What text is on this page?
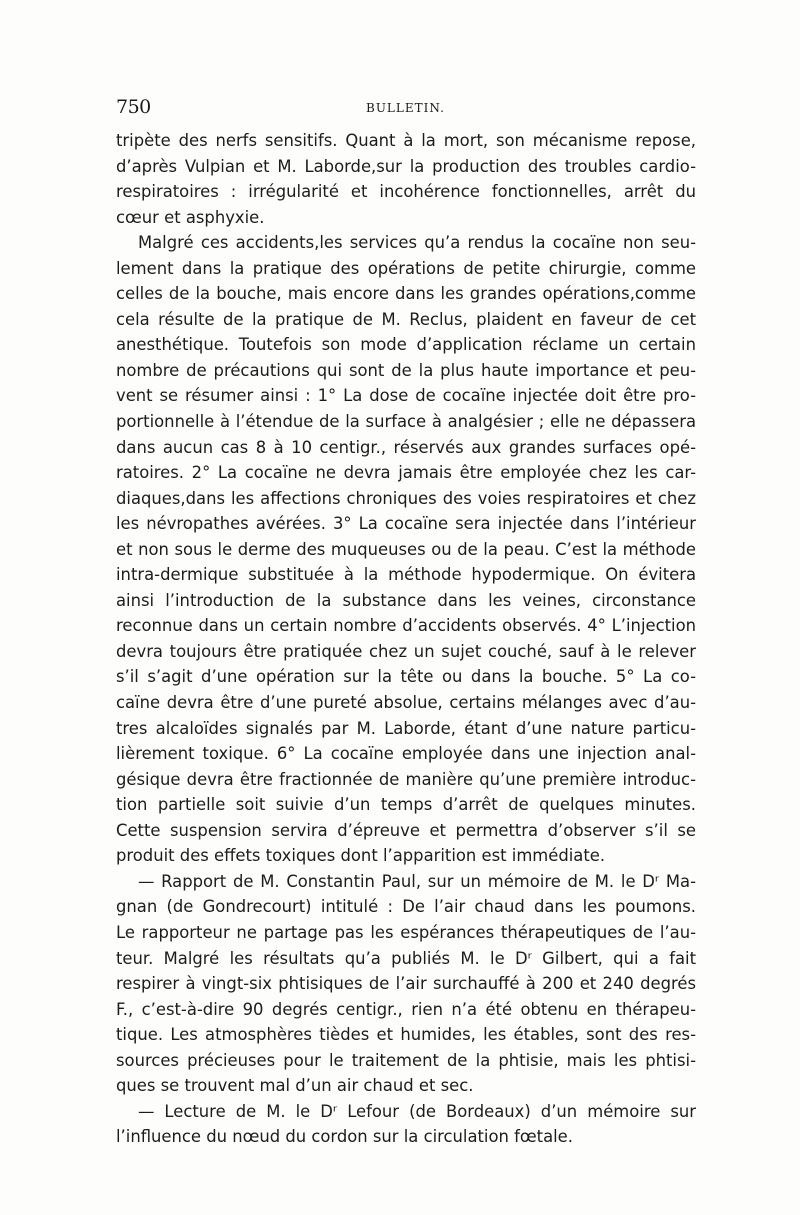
750	BULLETIN.
tripète des nerfs sensitifs. Quant à la mort, son mécanisme repose,
d’après Vulpian et M. Laborde,sur la production des troubles cardio-
respiratoires : irrégularité et incohérence fonctionnelles, arrêt du
cœur et asphyxie.
Malgré ces accidents,les services qu’a rendus la cocaïne non seu-
lement dans la pratique des opérations de petite chirurgie, comme
celles de la bouche, mais encore dans les grandes opérations,comme
cela résulte de la pratique de M. Reclus, plaident en faveur de cet
anesthétique. Toutefois son mode d’application réclame un certain
nombre de précautions qui sont de la plus haute importance et peu-
vent se résumer ainsi : 1° La dose de cocaïne injectée doit être pro-
portionnelle à l’étendue de la surface à analgésier ; elle ne dépassera
dans aucun cas 8 à 10 centigr., réservés aux grandes surfaces opé-
ratoires. 2° La cocaïne ne devra jamais être employée chez les car-
diaques,dans les affections chroniques des voies respiratoires et chez
les névropathes avérées. 3° La cocaïne sera injectée dans l’intérieur
et non sous le derme des muqueuses ou de la peau. C’est la méthode
intra-dermique substituée à la méthode hypodermique. On évitera
ainsi l’introduction de la substance dans les veines, circonstance
reconnue dans un certain nombre d’accidents observés. 4° L’injection
devra toujours être pratiquée chez un sujet couché, sauf à le relever
s’il s’agit d’une opération sur la tête ou dans la bouche. 5° La co-
caïne devra être d’une pureté absolue, certains mélanges avec d’au-
tres alcaloïdes signalés par M. Laborde, étant d’une nature particu-
lièrement toxique. 6° La cocaïne employée dans une injection anal-
gésique devra être fractionnée de manière qu’une première introduc-
tion partielle soit suivie d’un temps d’arrêt de quelques minutes.
Cette suspension servira d’épreuve et permettra d’observer s’il se
produit des effets toxiques dont l’apparition est immédiate.
— Rapport de M. Constantin Paul, sur un mémoire de M. le Dʳ Ma-
gnan (de Gondrecourt) intitulé : De l’air chaud dans les poumons.
Le rapporteur ne partage pas les espérances thérapeutiques de l’au-
teur. Malgré les résultats qu’a publiés M. le Dʳ Gilbert, qui a fait
respirer à vingt-six phtisiques de l’air surchauffé à 200 et 240 degrés
F., c’est-à-dire 90 degrés centigr., rien n’a été obtenu en thérapeu-
tique. Les atmosphères tièdes et humides, les étables, sont des res-
sources précieuses pour le traitement de la phtisie, mais les phtisi-
ques se trouvent mal d’un air chaud et sec.
— Lecture de M. le Dʳ Lefour (de Bordeaux) d’un mémoire sur
l’influence du nœud du cordon sur la circulation fœtale.
